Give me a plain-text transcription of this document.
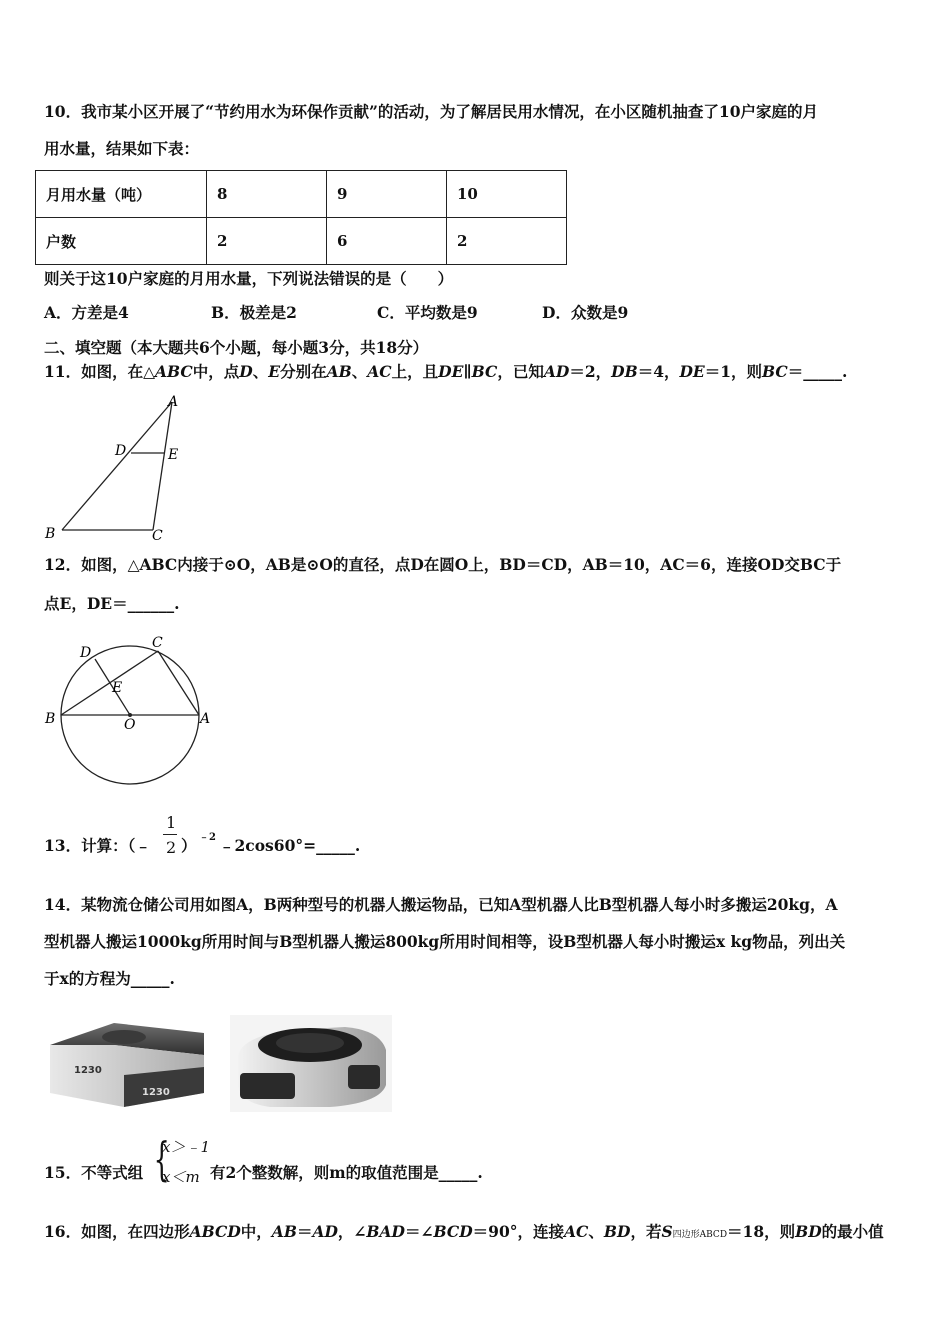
10．我市某小区开展了“节约用水为环保作贡献”的活动，为了解居民用水情况，在小区随机抽查了10户家庭的月
用水量，结果如下表：
月用水量（吨）	8	9	10
户数	2	6	2
则关于这10户家庭的月用水量，下列说法错误的是（　　）
A．方差是4	B．极差是2	C．平均数是9	D．众数是9
二、填空题（本大题共6个小题，每小题3分，共18分）
11．如图，在△ABC中，点D、E分别在AB、AC上，且DE∥BC，已知AD＝2，DB＝4，DE＝1，则BC＝_____.
A
B	C
D	E
12．如图，△ABC内接于⊙O，AB是⊙O的直径，点D在圆O上，BD＝CD，AB＝10，AC＝6，连接OD交BC于
点E，DE＝______.
D
C
E
B	O	A
13．计算：（﹣
1
2 ） ﹣2 ﹣2cos60°=_____.
14．某物流仓储公司用如图A，B两种型号的机器人搬运物品，已知A型机器人比B型机器人每小时多搬运20kg，A
型机器人搬运1000kg所用时间与B型机器人搬运800kg所用时间相等，设B型机器人每小时搬运x kg物品，列出关
于x的方程为_____.
1230
1230
15．不等式组 {
x＞﹣1
x＜m 有2个整数解，则m的取值范围是_____.
16．如图，在四边形ABCD中，AB＝AD，∠BAD＝∠BCD＝90°，连接AC、BD，若S四边形ABCD＝18，则BD的最小值
